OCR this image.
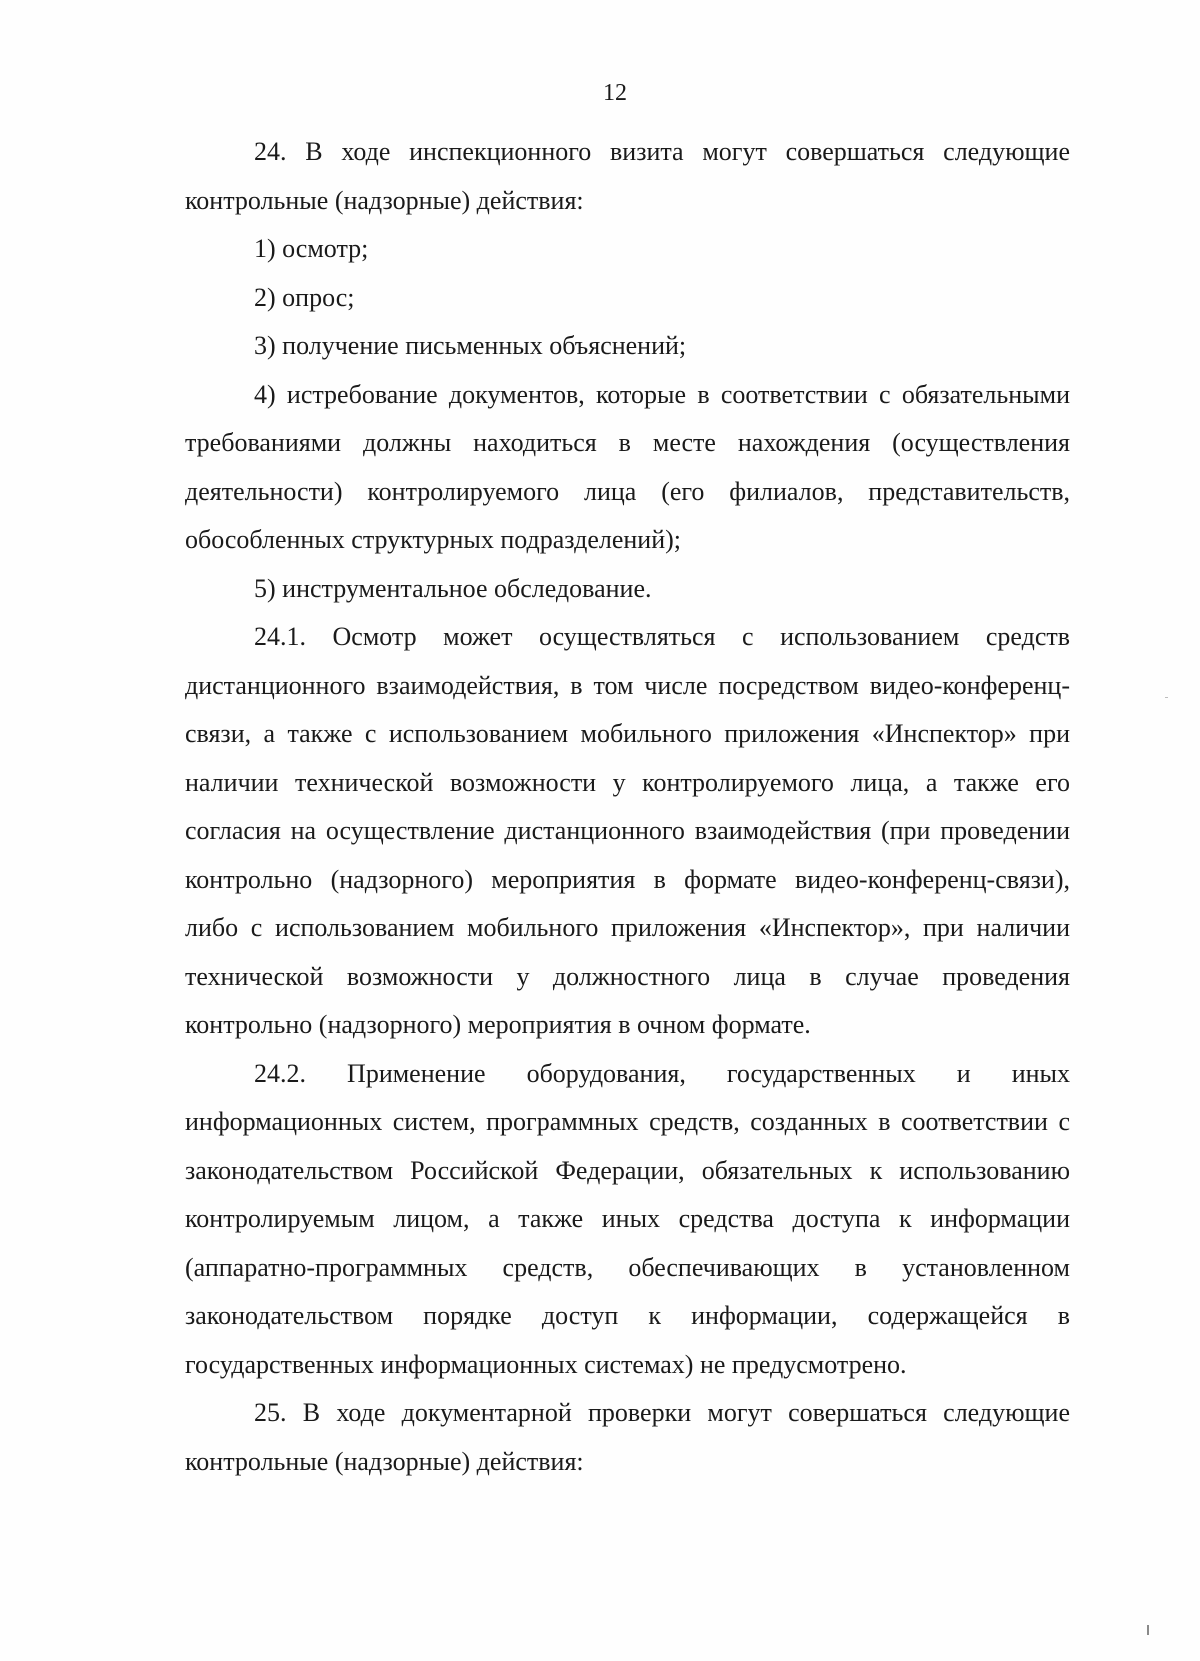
12

24. В ходе инспекционного визита могут совершаться следующие контрольные (надзорные) действия:

1) осмотр;

2) опрос;

3) получение письменных объяснений;

4) истребование документов, которые в соответствии с обязательными требованиями должны находиться в месте нахождения (осуществления деятельности) контролируемого лица (его филиалов, представительств, обособленных структурных подразделений);

5) инструментальное обследование.

24.1. Осмотр может осуществляться с использованием средств дистанционного взаимодействия, в том числе посредством видео-конференц-связи, а также с использованием мобильного приложения «Инспектор» при наличии технической возможности у контролируемого лица, а также его согласия на осуществление дистанционного взаимодействия (при проведении контрольно (надзорного) мероприятия в формате видео-конференц-связи), либо с использованием мобильного приложения «Инспектор», при наличии технической возможности у должностного лица в случае проведения контрольно (надзорного) мероприятия в очном формате.

24.2. Применение оборудования, государственных и иных информационных систем, программных средств, созданных в соответствии с законодательством Российской Федерации, обязательных к использованию контролируемым лицом, а также иных средства доступа к информации (аппаратно-программных средств, обеспечивающих в установленном законодательством порядке доступ к информации, содержащейся в государственных информационных системах) не предусмотрено.

25. В ходе документарной проверки могут совершаться следующие контрольные (надзорные) действия:
